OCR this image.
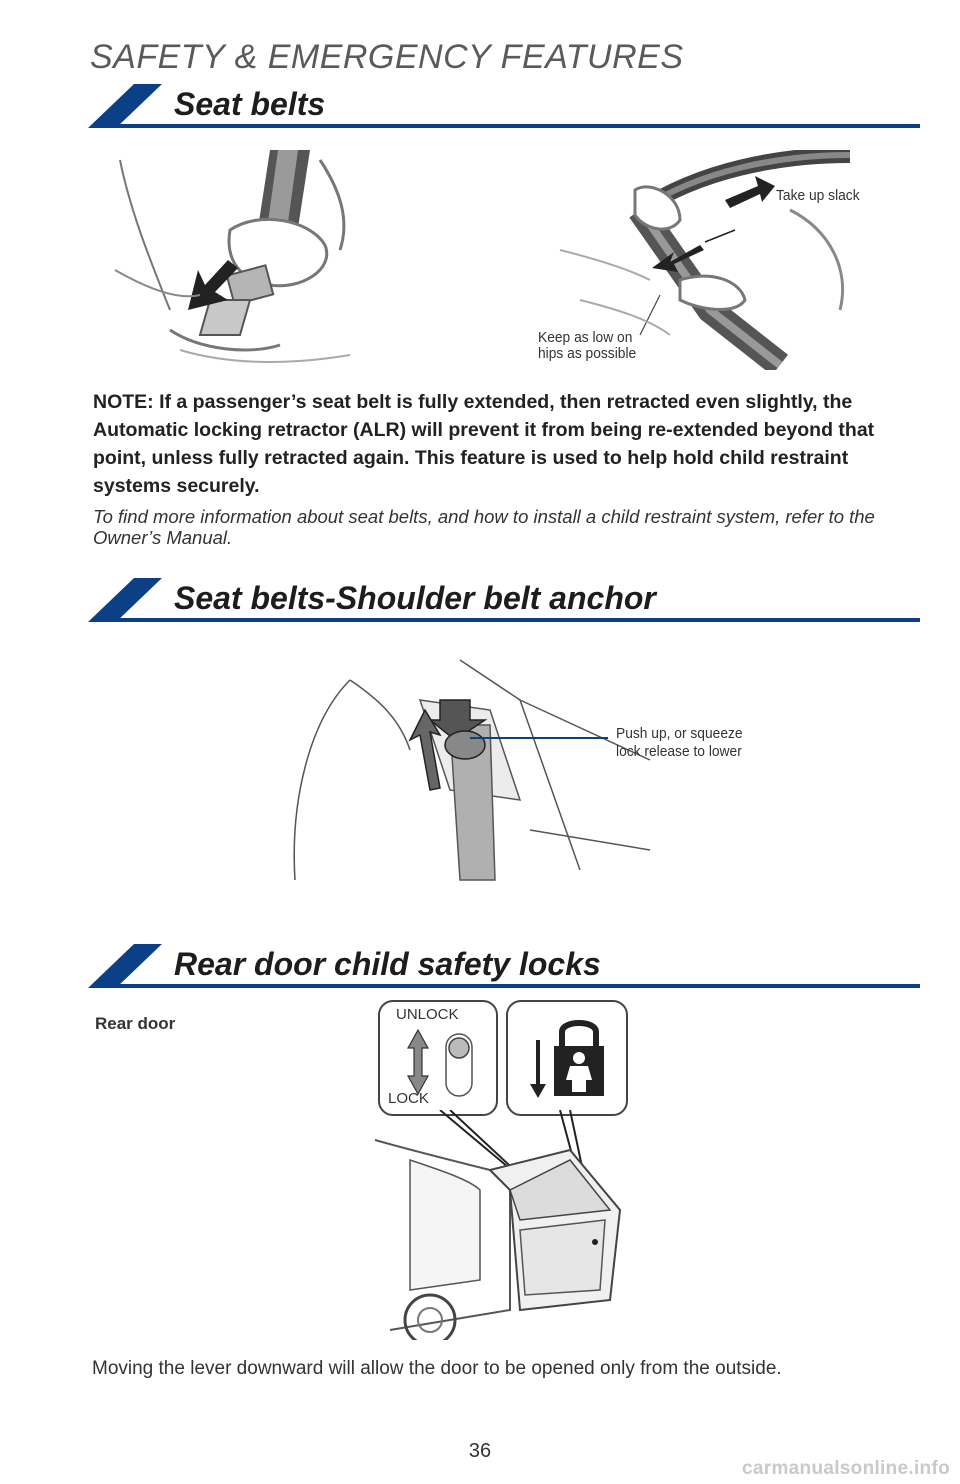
SAFETY & EMERGENCY FEATURES
Seat belts
Take up slack
Keep as low on
hips as possible
NOTE: If a passenger’s seat belt is fully extended, then retracted even slightly, the Automatic locking retractor (ALR) will prevent it from being re-extended beyond that point, unless fully retracted again. This feature is used to help hold child restraint systems securely.
To find more information about seat belts, and how to install a child restraint system, refer to the Owner’s Manual.
Seat belts-Shoulder belt anchor
Push up, or squeeze
lock release to lower
Rear door child safety locks
Rear door	UNLOCK
LOCK
Moving the lever downward will allow the door to be opened only from the outside.
36
carmanualsonline.info
